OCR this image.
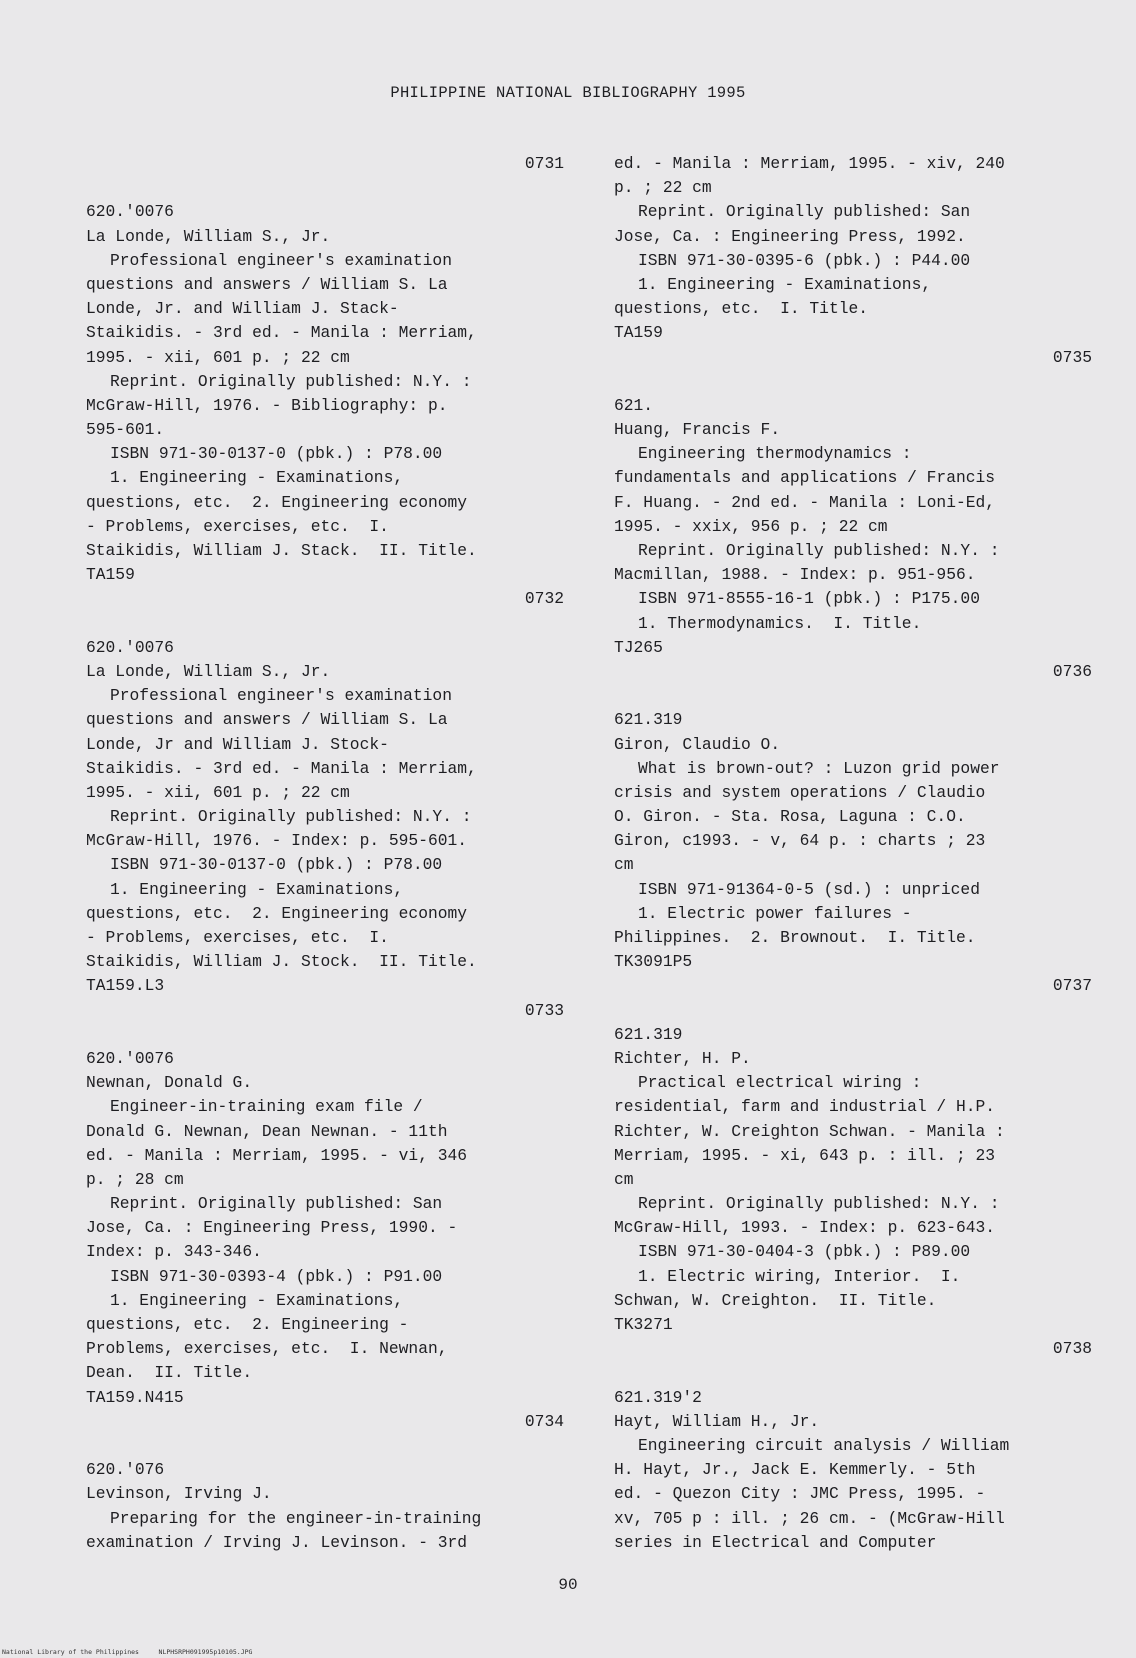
PHILIPPINE NATIONAL BIBLIOGRAPHY 1995
0731
620.'0076
La Londe, William S., Jr.
Professional engineer's examination
questions and answers / William S. La
Londe, Jr. and William J. Stack-
Staikidis. - 3rd ed. - Manila : Merriam,
1995. - xii, 601 p. ; 22 cm
Reprint. Originally published: N.Y. :
McGraw-Hill, 1976. - Bibliography: p.
595-601.
ISBN 971-30-0137-0 (pbk.) : P78.00
1. Engineering - Examinations,
questions, etc.  2. Engineering economy
- Problems, exercises, etc.  I.
Staikidis, William J. Stack.  II. Title.
TA159
0732
620.'0076
La Londe, William S., Jr.
Professional engineer's examination
questions and answers / William S. La
Londe, Jr and William J. Stock-
Staikidis. - 3rd ed. - Manila : Merriam,
1995. - xii, 601 p. ; 22 cm
Reprint. Originally published: N.Y. :
McGraw-Hill, 1976. - Index: p. 595-601.
ISBN 971-30-0137-0 (pbk.) : P78.00
1. Engineering - Examinations,
questions, etc.  2. Engineering economy
- Problems, exercises, etc.  I.
Staikidis, William J. Stock.  II. Title.
TA159.L3
0733
620.'0076
Newnan, Donald G.
Engineer-in-training exam file /
Donald G. Newnan, Dean Newnan. - 11th
ed. - Manila : Merriam, 1995. - vi, 346
p. ; 28 cm
Reprint. Originally published: San
Jose, Ca. : Engineering Press, 1990. -
Index: p. 343-346.
ISBN 971-30-0393-4 (pbk.) : P91.00
1. Engineering - Examinations,
questions, etc.  2. Engineering -
Problems, exercises, etc.  I. Newnan,
Dean.  II. Title.
TA159.N415
0734
620.'076
Levinson, Irving J.
Preparing for the engineer-in-training
examination / Irving J. Levinson. - 3rd
ed. - Manila : Merriam, 1995. - xiv, 240
p. ; 22 cm
Reprint. Originally published: San
Jose, Ca. : Engineering Press, 1992.
ISBN 971-30-0395-6 (pbk.) : P44.00
1. Engineering - Examinations,
questions, etc.  I. Title.
TA159
0735
621.
Huang, Francis F.
Engineering thermodynamics :
fundamentals and applications / Francis
F. Huang. - 2nd ed. - Manila : Loni-Ed,
1995. - xxix, 956 p. ; 22 cm
Reprint. Originally published: N.Y. :
Macmillan, 1988. - Index: p. 951-956.
ISBN 971-8555-16-1 (pbk.) : P175.00
1. Thermodynamics.  I. Title.
TJ265
0736
621.319
Giron, Claudio O.
What is brown-out? : Luzon grid power
crisis and system operations / Claudio
O. Giron. - Sta. Rosa, Laguna : C.O.
Giron, c1993. - v, 64 p. : charts ; 23
cm
ISBN 971-91364-0-5 (sd.) : unpriced
1. Electric power failures -
Philippines.  2. Brownout.  I. Title.
TK3091P5
0737
621.319
Richter, H. P.
Practical electrical wiring :
residential, farm and industrial / H.P.
Richter, W. Creighton Schwan. - Manila :
Merriam, 1995. - xi, 643 p. : ill. ; 23
cm
Reprint. Originally published: N.Y. :
McGraw-Hill, 1993. - Index: p. 623-643.
ISBN 971-30-0404-3 (pbk.) : P89.00
1. Electric wiring, Interior.  I.
Schwan, W. Creighton.  II. Title.
TK3271
0738
621.319'2
Hayt, William H., Jr.
Engineering circuit analysis / William
H. Hayt, Jr., Jack E. Kemmerly. - 5th
ed. - Quezon City : JMC Press, 1995. -
xv, 705 p : ill. ; 26 cm. - (McGraw-Hill
series in Electrical and Computer
90
National Library of the Philippines     NLPHSRPH091995p10105.JPG
